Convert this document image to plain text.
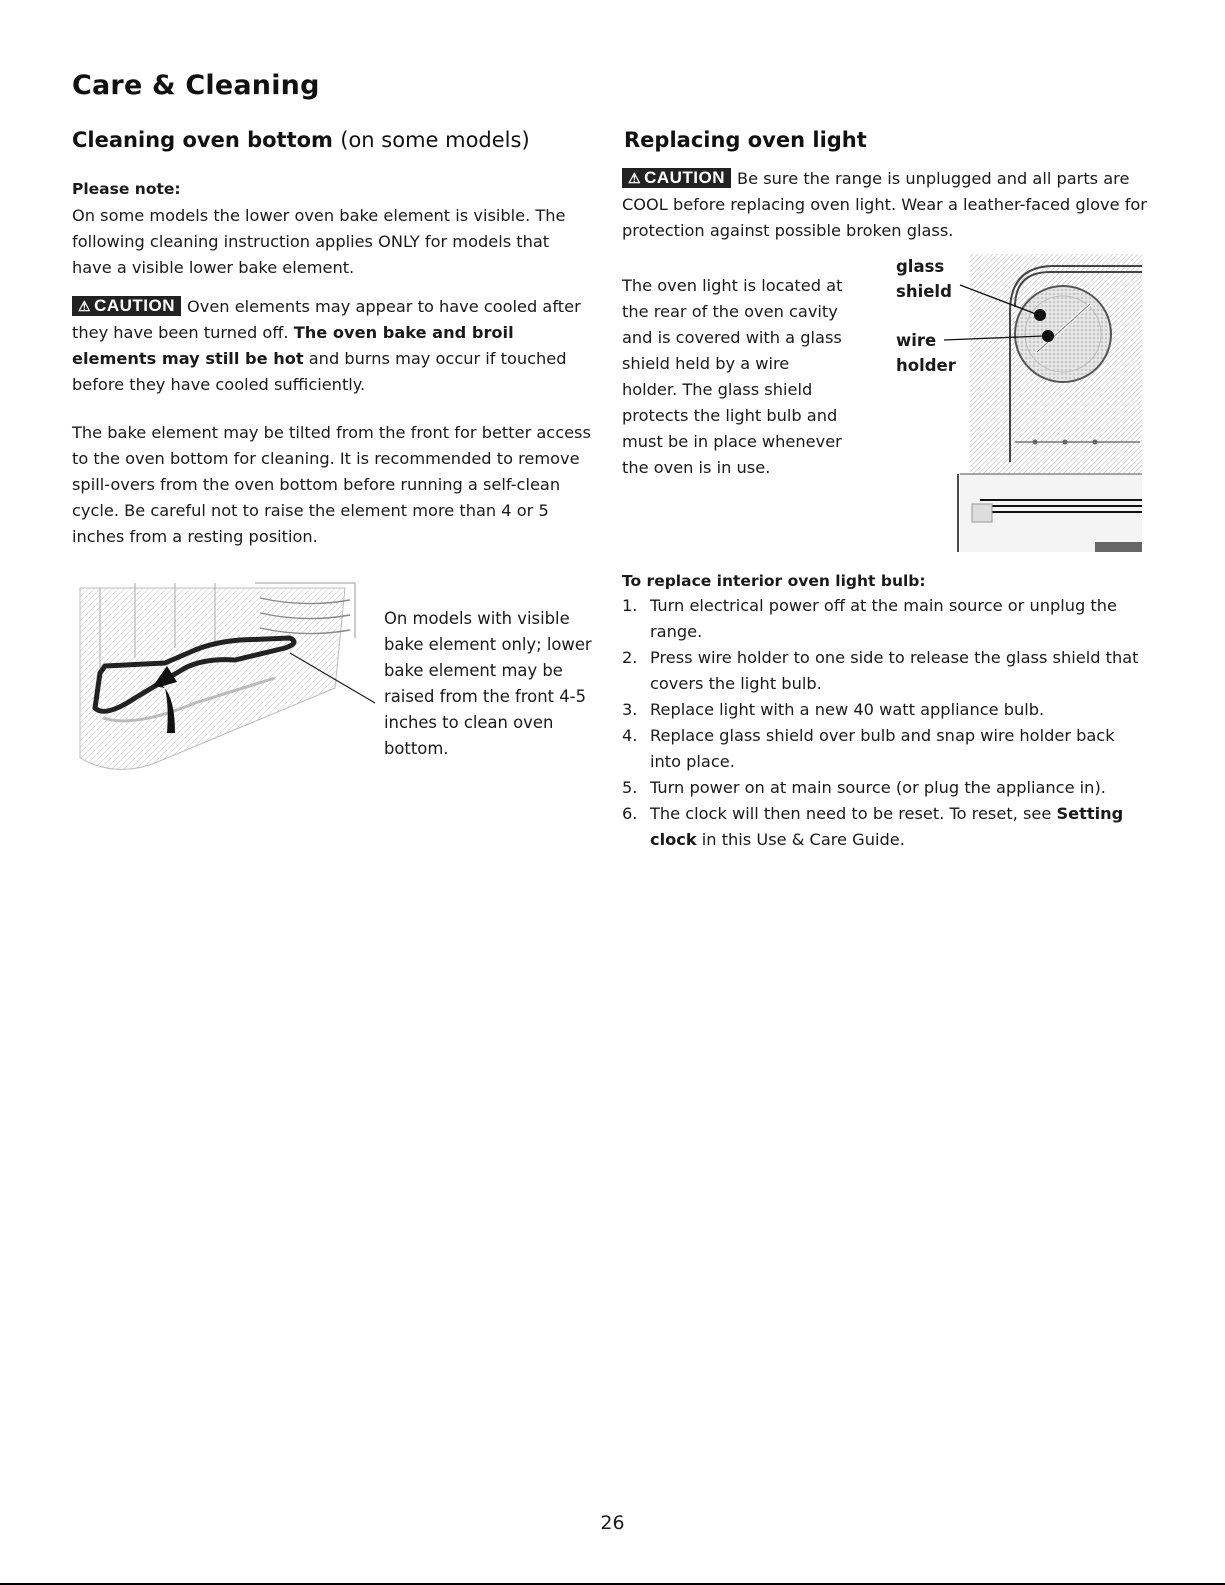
Care & Cleaning
Cleaning oven bottom (on some models)

Please note:

On some models the lower oven bake element is visible. The following cleaning instruction applies ONLY for models that have a visible lower bake element.

⚠ CAUTION Oven elements may appear to have cooled after they have been turned off. The oven bake and broil elements may still be hot and burns may occur if touched before they have cooled sufficiently.

The bake element may be tilted from the front for better access to the oven bottom for cleaning. It is recommended to remove spill-overs from the oven bottom before running a self-clean cycle. Be careful not to raise the element more than 4 or 5 inches from a resting position.

On models with visible bake element only; lower bake element may be raised from the front 4-5 inches to clean oven bottom.

Replacing oven light

⚠ CAUTION Be sure the range is unplugged and all parts are COOL before replacing oven light. Wear a leather-faced glove for protection against possible broken glass.

The oven light is located at the rear of the oven cavity and is covered with a glass shield held by a wire holder. The glass shield protects the light bulb and must be in place whenever the oven is in use.

glass
shield
wire
holder

To replace interior oven light bulb:

1. Turn electrical power off at the main source or unplug the range.
2. Press wire holder to one side to release the glass shield that covers the light bulb.
3. Replace light with a new 40 watt appliance bulb.
4. Replace glass shield over bulb and snap wire holder back into place.
5. Turn power on at main source (or plug the appliance in).
6. The clock will then need to be reset. To reset, see Setting clock in this Use & Care Guide.
26
